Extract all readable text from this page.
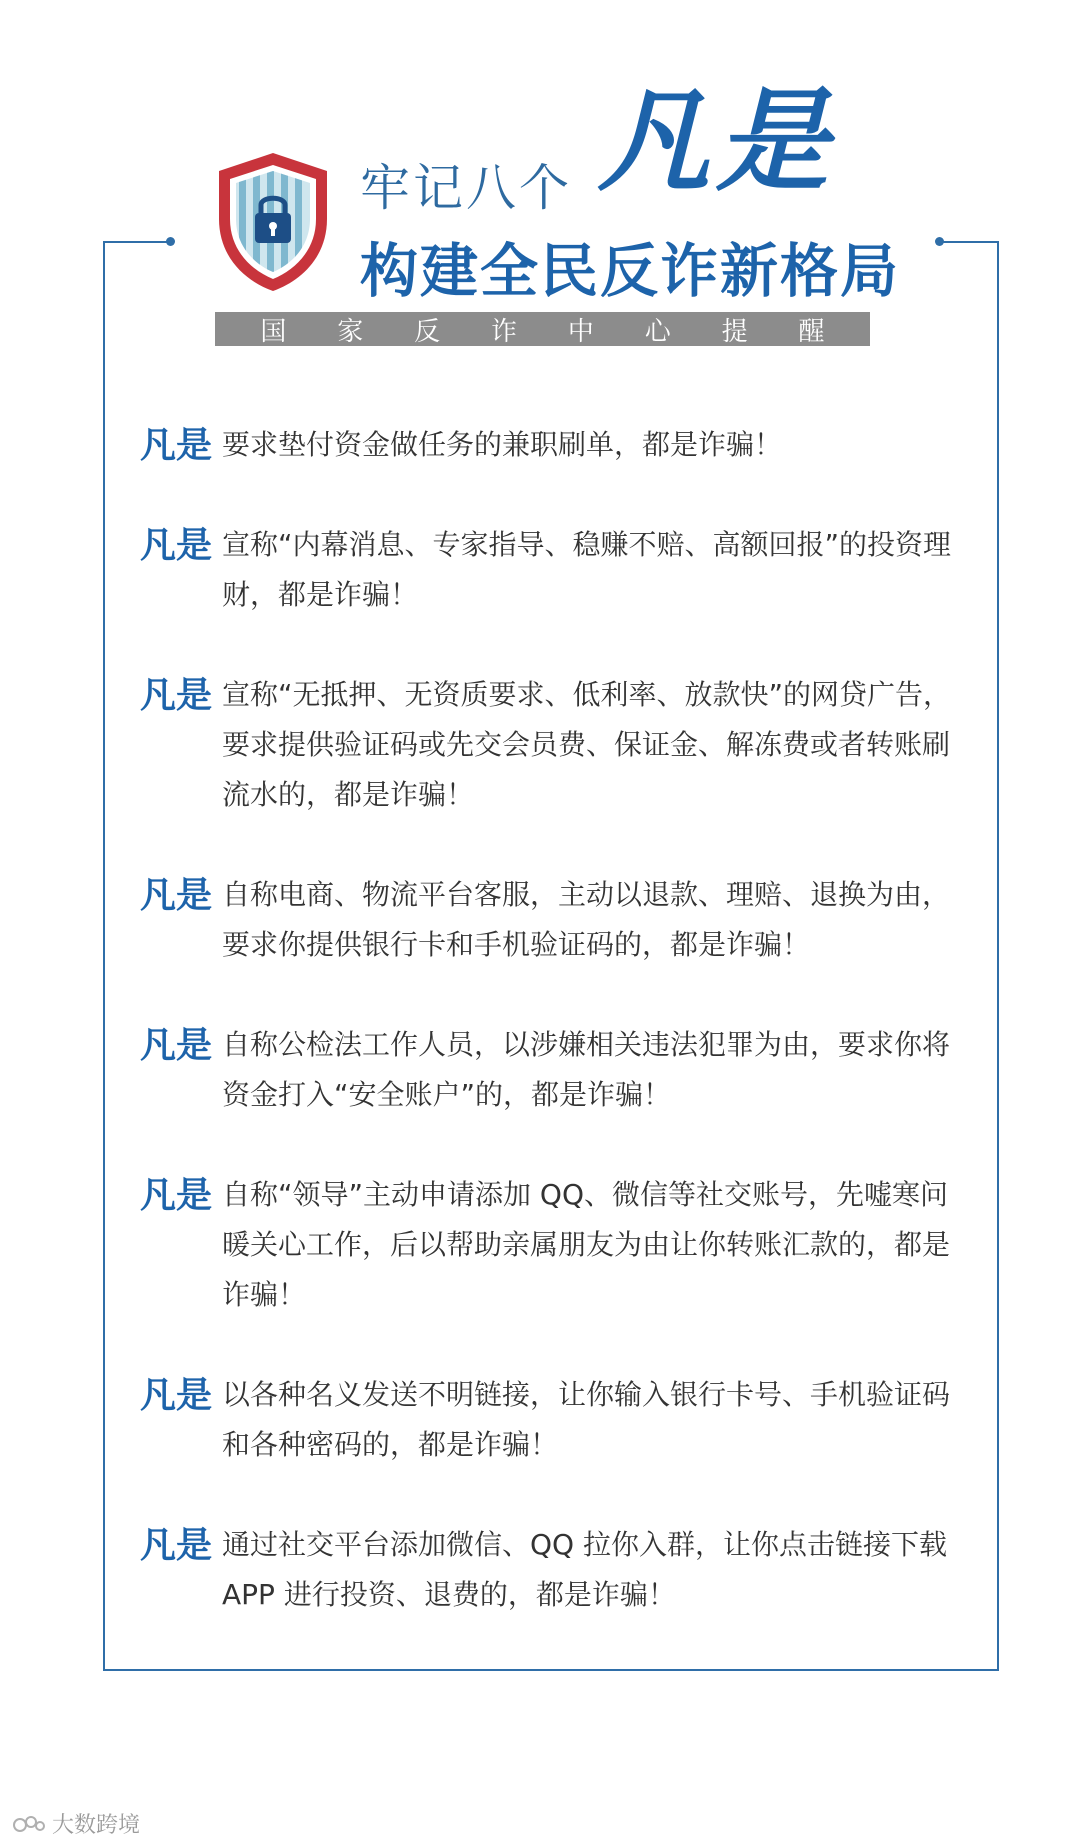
牢记八个 凡是
构建全民反诈新格局
国 家 反 诈 中 心 提 醒
凡是 要求垫付资金做任务的兼职刷单，都是诈骗！
凡是 宣称“内幕消息、专家指导、稳赚不赔、高额回报”的投资理财，都是诈骗！
凡是 宣称“无抵押、无资质要求、低利率、放款快”的网贷广告，要求提供验证码或先交会员费、保证金、解冻费或者转账刷流水的，都是诈骗！
凡是 自称电商、物流平台客服，主动以退款、理赔、退换为由，要求你提供银行卡和手机验证码的，都是诈骗！
凡是 自称公检法工作人员，以涉嫌相关违法犯罪为由，要求你将资金打入“安全账户”的，都是诈骗！
凡是 自称“领导”主动申请添加 QQ、微信等社交账号，先嘘寒问暖关心工作，后以帮助亲属朋友为由让你转账汇款的，都是诈骗！
凡是 以各种名义发送不明链接，让你输入银行卡号、手机验证码和各种密码的，都是诈骗！
凡是 通过社交平台添加微信、QQ 拉你入群，让你点击链接下载 APP 进行投资、退费的，都是诈骗！
大数跨境
